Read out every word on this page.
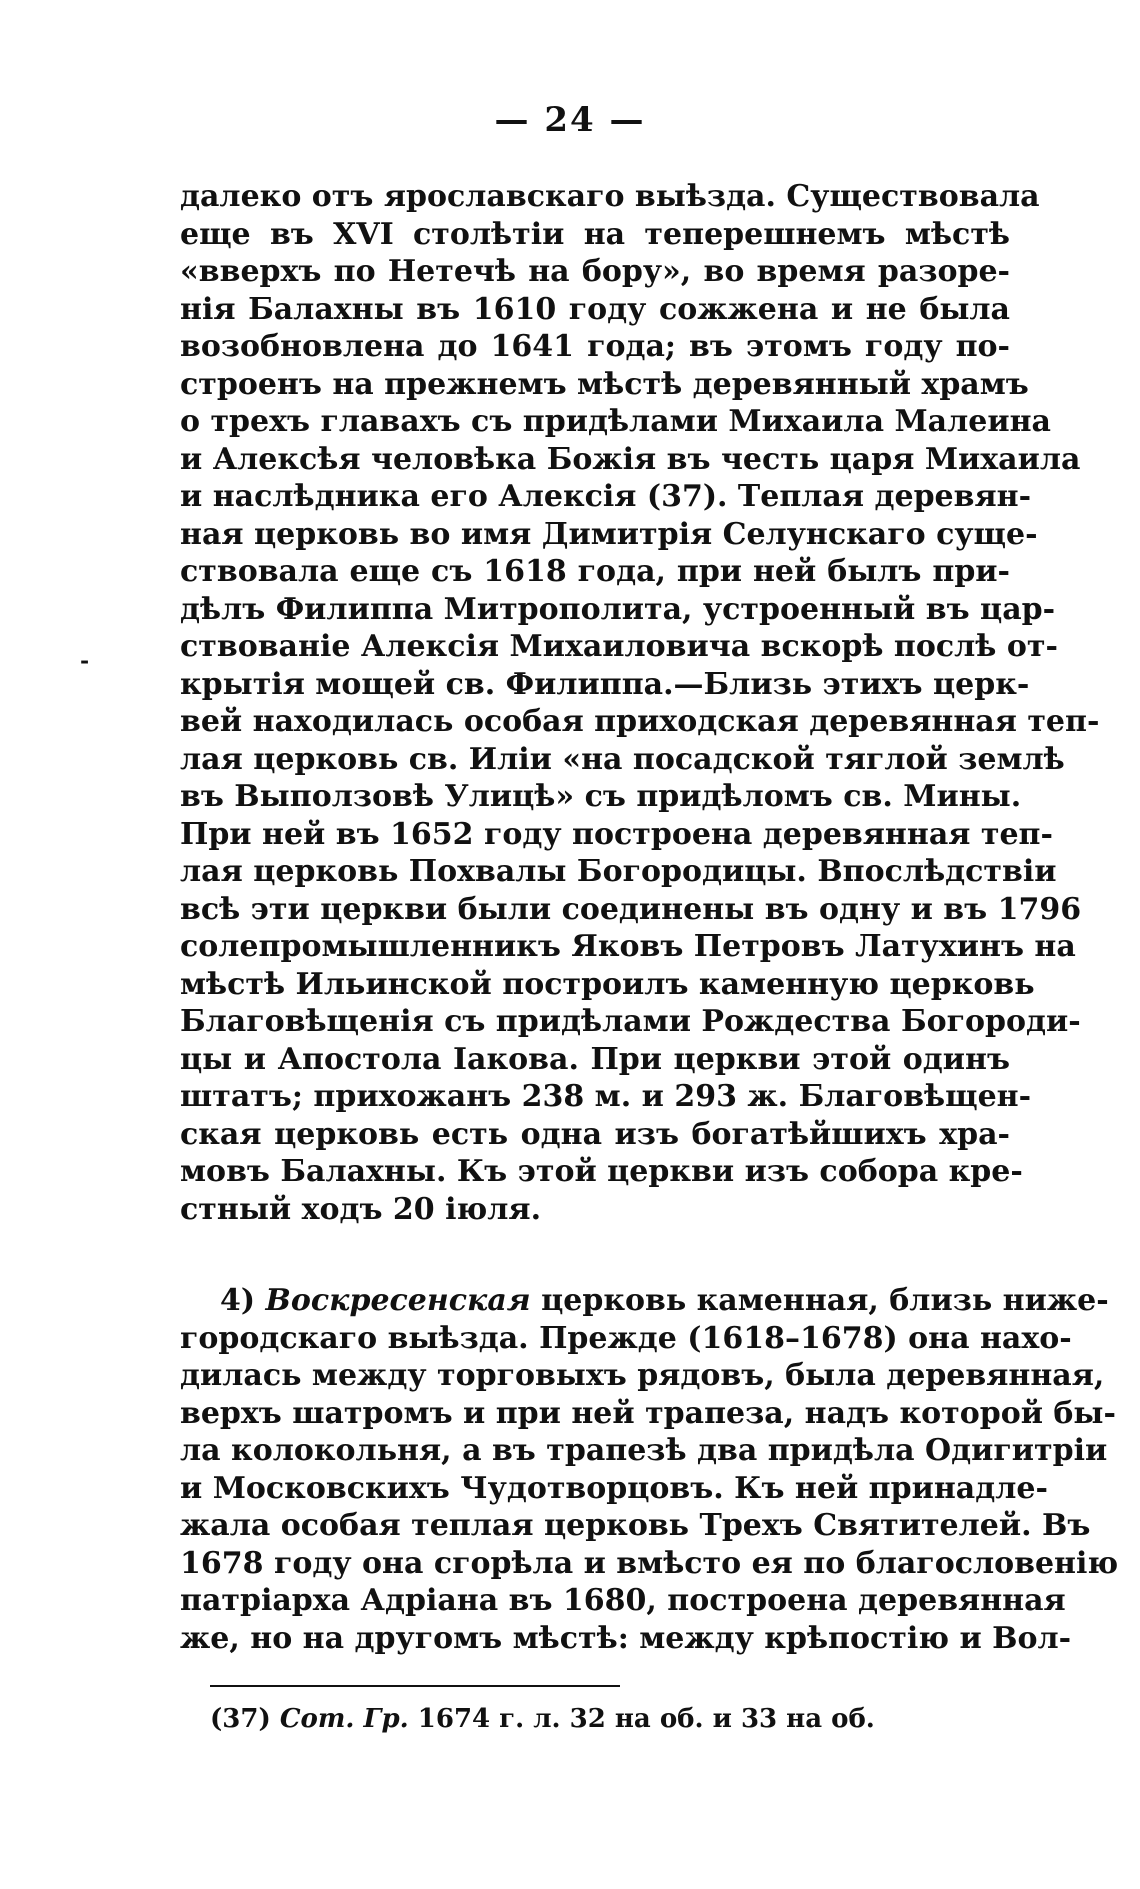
— 24 —
-
далеко отъ ярославскаго выѣзда. Существовала
еще въ XVI столѣтіи на теперешнемъ мѣстѣ
«вверхъ по Нетечѣ на бору», во время разоре-
нія Балахны въ 1610 году сожжена и не была
возобновлена до 1641 года; въ этомъ году по-
строенъ на прежнемъ мѣстѣ деревянный храмъ
о трехъ главахъ съ придѣлами Михаила Малеина
и Алексѣя человѣка Божія въ честь царя Михаила
и наслѣдника его Алексія (37). Теплая деревян-
ная церковь во имя Димитрія Селунскаго суще-
ствовала еще съ 1618 года, при ней былъ при-
дѣлъ Филиппа Митрополита, устроенный въ цар-
ствованіе Алексія Михаиловича вскорѣ послѣ от-
крытія мощей св. Филиппа.—Близь этихъ церк-
вей находилась особая приходская деревянная теп-
лая церковь св. Иліи «на посадской тяглой землѣ
въ Выползовѣ Улицѣ» съ придѣломъ св. Мины.
При ней въ 1652 году построена деревянная теп-
лая церковь Похвалы Богородицы. Впослѣдствіи
всѣ эти церкви были соединены въ одну и въ 1796
солепромышленникъ Яковъ Петровъ Латухинъ на
мѣстѣ Ильинской построилъ каменную церковь
Благовѣщенія съ придѣлами Рождества Богороди-
цы и Апостола Іакова. При церкви этой одинъ
штатъ; прихожанъ 238 м. и 293 ж. Благовѣщен-
ская церковь есть одна изъ богатѣйшихъ хра-
мовъ Балахны. Къ этой церкви изъ собора кре-
стный ходъ 20 іюля.
4) Воскресенская церковь каменная, близь ниже-
городскаго выѣзда. Прежде (1618–1678) она нахо-
дилась между торговыхъ рядовъ, была деревянная,
верхъ шатромъ и при ней трапеза, надъ которой бы-
ла колокольня, а въ трапезѣ два придѣла Одигитріи
и Московскихъ Чудотворцовъ. Къ ней принадле-
жала особая теплая церковь Трехъ Святителей. Въ
1678 году она сгорѣла и вмѣсто ея по благословенію
патріарха Адріана въ 1680, построена деревянная
же, но на другомъ мѣстѣ: между крѣпостію и Вол-
(37) Сот. Гр. 1674 г. л. 32 на об. и 33 на об.
